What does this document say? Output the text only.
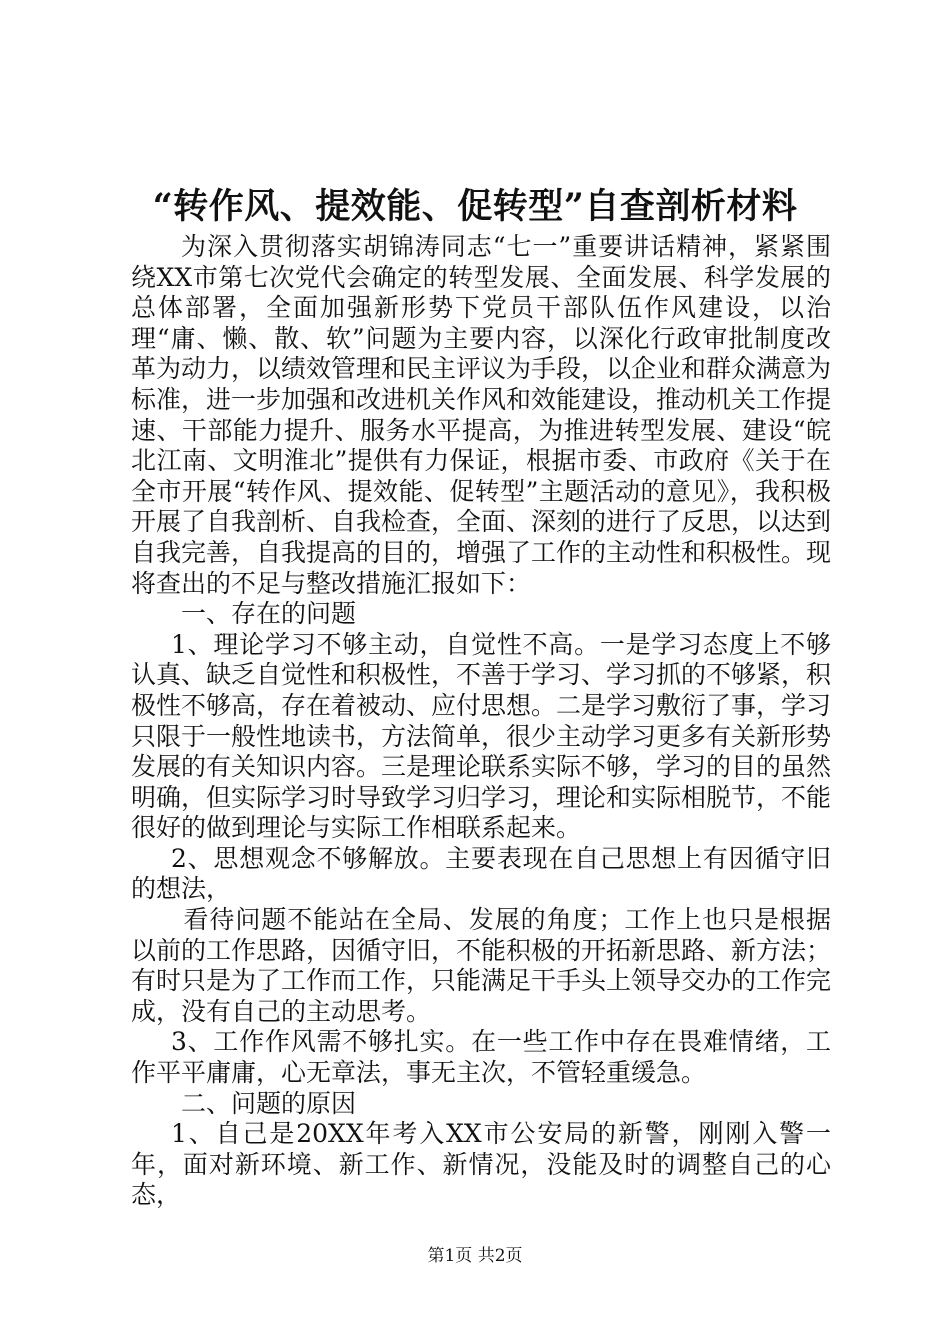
“转作风、提效能、促转型”自查剖析材料

为深入贯彻落实胡锦涛同志“七一”重要讲话精神，紧紧围绕XX市第七次党代会确定的转型发展、全面发展、科学发展的总体部署，全面加强新形势下党员干部队伍作风建设，以治理“庸、懒、散、软”问题为主要内容，以深化行政审批制度改革为动力，以绩效管理和民主评议为手段，以企业和群众满意为标准，进一步加强和改进机关作风和效能建设，推动机关工作提速、干部能力提升、服务水平提高，为推进转型发展、建设“皖北江南、文明淮北”提供有力保证，根据市委、市政府《关于在全市开展“转作风、提效能、促转型”主题活动的意见》，我积极开展了自我剖析、自我检查，全面、深刻的进行了反思，以达到自我完善，自我提高的目的，增强了工作的主动性和积极性。现将查出的不足与整改措施汇报如下：

一、存在的问题

1、理论学习不够主动，自觉性不高。一是学习态度上不够认真、缺乏自觉性和积极性，不善于学习、学习抓的不够紧，积极性不够高，存在着被动、应付思想。二是学习敷衍了事，学习只限于一般性地读书，方法简单，很少主动学习更多有关新形势发展的有关知识内容。三是理论联系实际不够，学习的目的虽然明确，但实际学习时导致学习归学习，理论和实际相脱节，不能很好的做到理论与实际工作相联系起来。

2、思想观念不够解放。主要表现在自己思想上有因循守旧的想法，

看待问题不能站在全局、发展的角度；工作上也只是根据以前的工作思路，因循守旧，不能积极的开拓新思路、新方法；有时只是为了工作而工作，只能满足干手头上领导交办的工作完成，没有自己的主动思考。

3、工作作风需不够扎实。在一些工作中存在畏难情绪，工作平平庸庸，心无章法，事无主次，不管轻重缓急。

二、问题的原因

1、自己是20XX年考入XX市公安局的新警，刚刚入警一年，面对新环境、新工作、新情况，没能及时的调整自己的心态，

第1页 共2页
